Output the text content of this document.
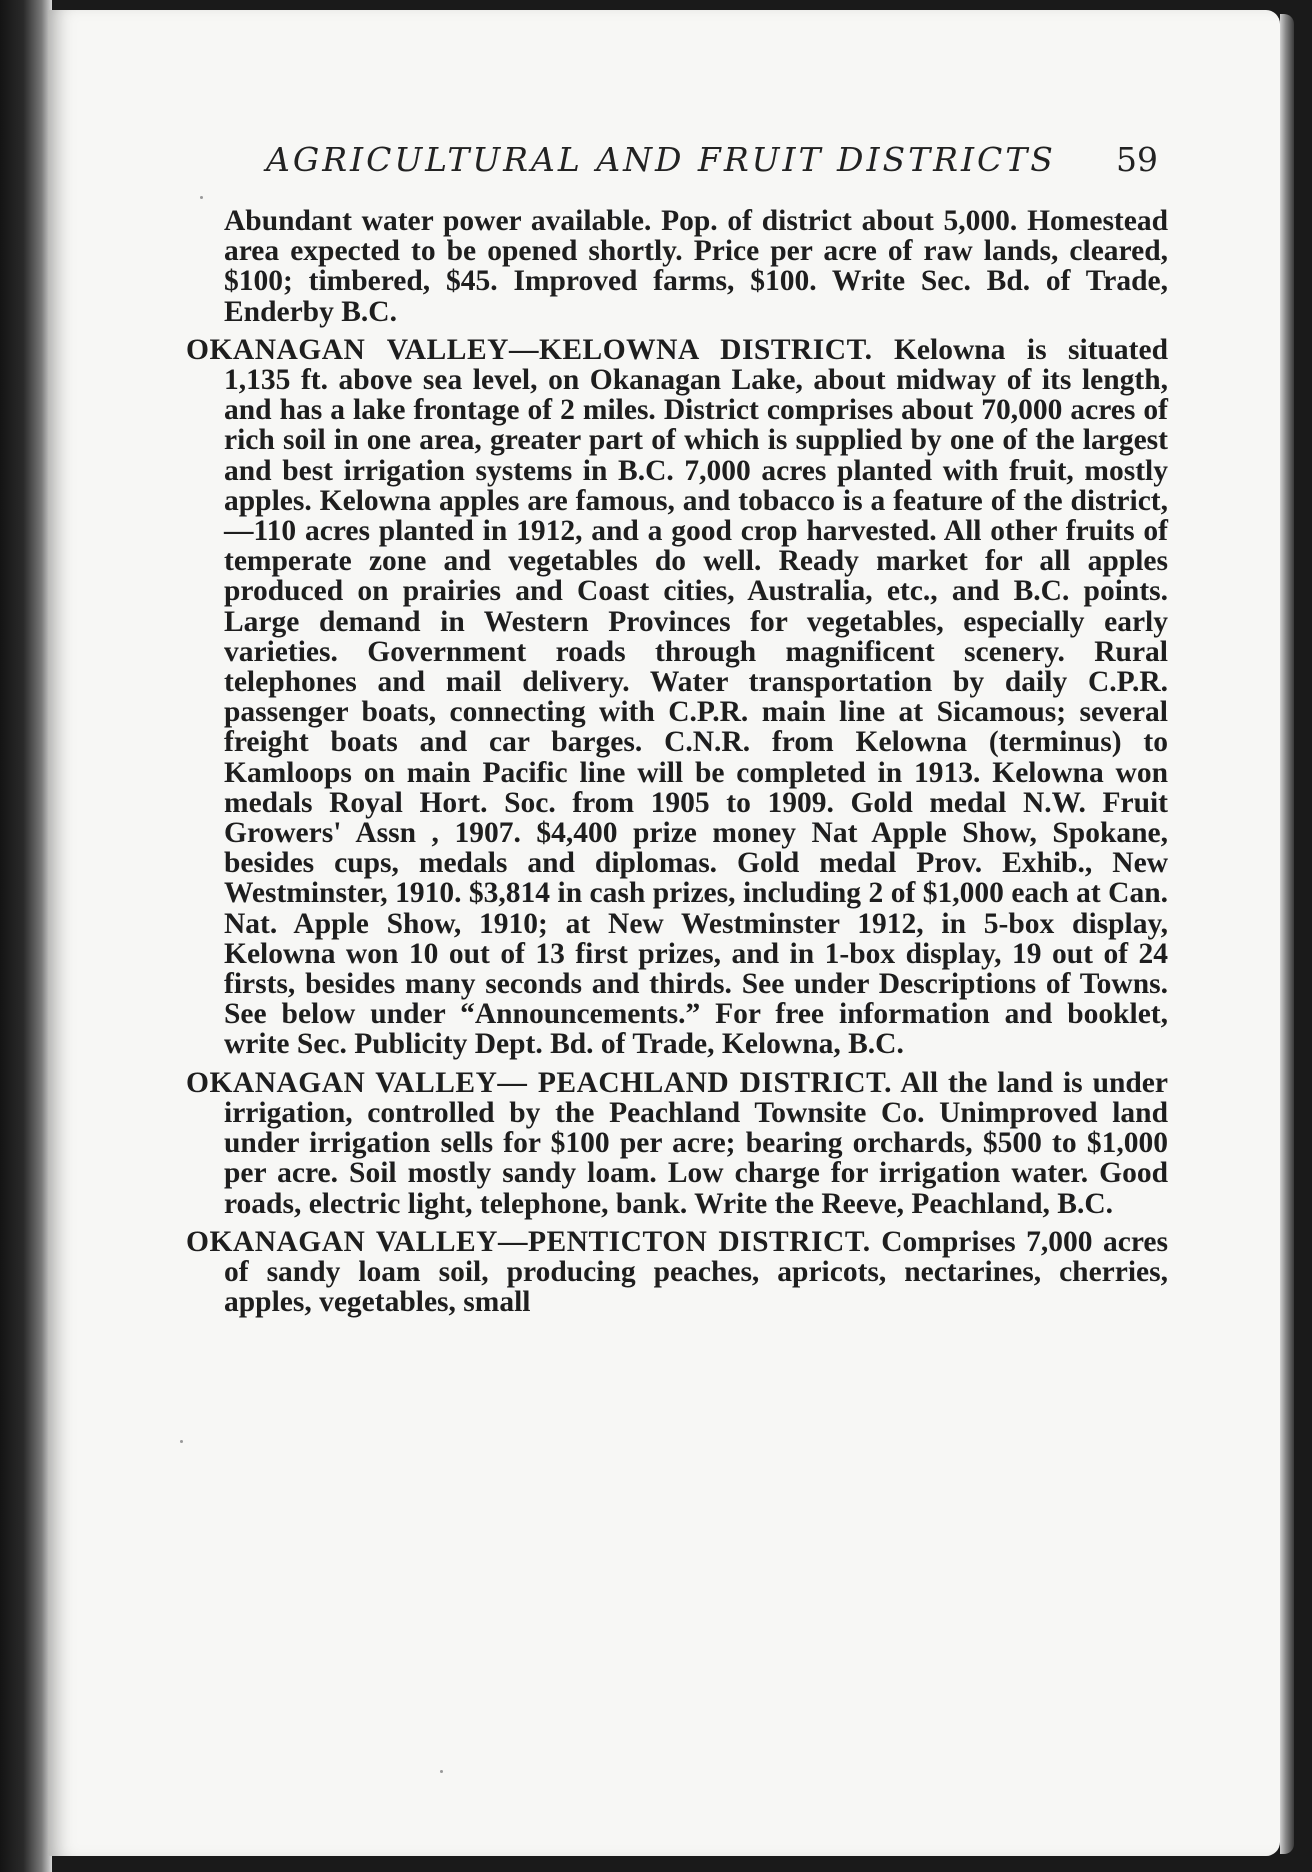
AGRICULTURAL AND FRUIT DISTRICTS	59

Abundant water power available. Pop. of district about 5,000. Homestead area expected to be opened shortly. Price per acre of raw lands, cleared, $100; timbered, $45. Improved farms, $100. Write Sec. Bd. of Trade, Enderby B.C.

OKANAGAN VALLEY—KELOWNA DISTRICT. Kelowna is situated 1,135 ft. above sea level, on Okanagan Lake, about midway of its length, and has a lake frontage of 2 miles. District comprises about 70,000 acres of rich soil in one area, greater part of which is supplied by one of the largest and best irrigation systems in B.C. 7,000 acres planted with fruit, mostly apples. Kelowna apples are famous, and tobacco is a feature of the district,—110 acres planted in 1912, and a good crop harvested. All other fruits of temperate zone and vegetables do well. Ready market for all apples produced on prairies and Coast cities, Australia, etc., and B.C. points. Large demand in Western Provinces for vegetables, especially early varieties. Government roads through magnificent scenery. Rural telephones and mail delivery. Water transportation by daily C.P.R. passenger boats, connecting with C.P.R. main line at Sicamous; several freight boats and car barges. C.N.R. from Kelowna (terminus) to Kamloops on main Pacific line will be completed in 1913. Kelowna won medals Royal Hort. Soc. from 1905 to 1909. Gold medal N.W. Fruit Growers' Assn , 1907. $4,400 prize money Nat Apple Show, Spokane, besides cups, medals and diplomas. Gold medal Prov. Exhib., New Westminster, 1910. $3,814 in cash prizes, including 2 of $1,000 each at Can. Nat. Apple Show, 1910; at New Westminster 1912, in 5-box display, Kelowna won 10 out of 13 first prizes, and in 1-box display, 19 out of 24 firsts, besides many seconds and thirds. See under Descriptions of Towns. See below under “Announcements.” For free information and booklet, write Sec. Publicity Dept. Bd. of Trade, Kelowna, B.C.

OKANAGAN VALLEY— PEACHLAND DISTRICT. All the land is under irrigation, controlled by the Peachland Townsite Co. Unimproved land under irrigation sells for $100 per acre; bearing orchards, $500 to $1,000 per acre. Soil mostly sandy loam. Low charge for irrigation water. Good roads, electric light, telephone, bank. Write the Reeve, Peachland, B.C.

OKANAGAN VALLEY—PENTICTON DISTRICT. Comprises 7,000 acres of sandy loam soil, producing peaches, apricots, nectarines, cherries, apples, vegetables, small
